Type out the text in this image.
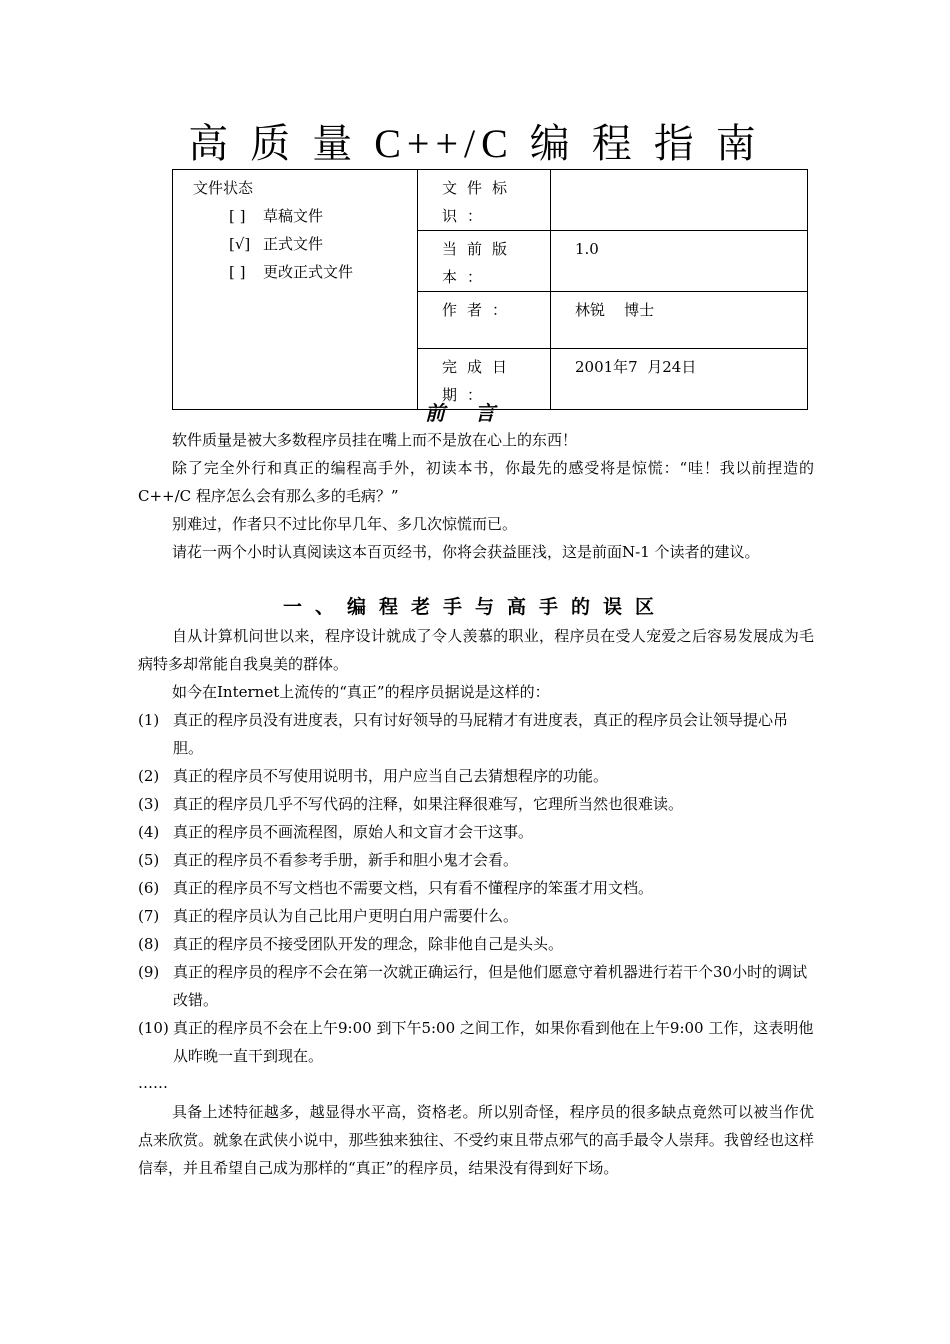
高 质 量 C++/C 编 程 指 南
文件状态
[ ] 草稿文件
[√] 正式文件
[ ] 更改正式文件	文件标识：	
	当前版本：	1.0
	作者：	林锐    博士
	完成日期：	2001年7  月24日
前言
软件质量是被大多数程序员挂在嘴上而不是放在心上的东西！
除了完全外行和真正的编程高手外，初读本书，你最先的感受将是惊慌：“哇！我以前捏造的C++/C 程序怎么会有那么多的毛病？”
别难过，作者只不过比你早几年、多几次惊慌而已。
请花一两个小时认真阅读这本百页经书，你将会获益匪浅，这是前面N-1 个读者的建议。
一、编程老手与高手的误区
自从计算机问世以来，程序设计就成了令人羡慕的职业，程序员在受人宠爱之后容易发展成为毛病特多却常能自我臭美的群体。
如今在Internet上流传的“真正”的程序员据说是这样的：
(1) 真正的程序员没有进度表，只有讨好领导的马屁精才有进度表，真正的程序员会让领导提心吊胆。
(2) 真正的程序员不写使用说明书，用户应当自己去猜想程序的功能。
(3) 真正的程序员几乎不写代码的注释，如果注释很难写，它理所当然也很难读。
(4) 真正的程序员不画流程图，原始人和文盲才会干这事。
(5) 真正的程序员不看参考手册，新手和胆小鬼才会看。
(6) 真正的程序员不写文档也不需要文档，只有看不懂程序的笨蛋才用文档。
(7) 真正的程序员认为自己比用户更明白用户需要什么。
(8) 真正的程序员不接受团队开发的理念，除非他自己是头头。
(9) 真正的程序员的程序不会在第一次就正确运行，但是他们愿意守着机器进行若干个30小时的调试改错。
(10) 真正的程序员不会在上午9:00 到下午5:00 之间工作，如果你看到他在上午9:00 工作，这表明他从昨晚一直干到现在。
……
具备上述特征越多，越显得水平高，资格老。所以别奇怪，程序员的很多缺点竟然可以被当作优点来欣赏。就象在武侠小说中，那些独来独往、不受约束且带点邪气的高手最令人崇拜。我曾经也这样信奉，并且希望自己成为那样的“真正”的程序员，结果没有得到好下场。
